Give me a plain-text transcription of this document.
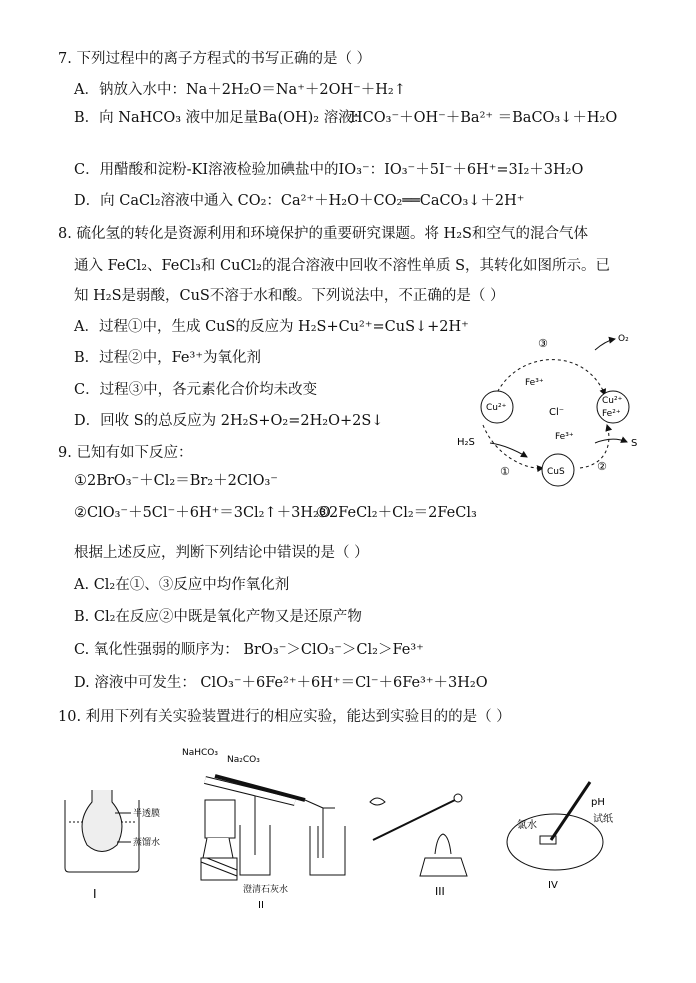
7. 下列过程中的离子方程式的书写正确的是（ ）
A．钠放入水中：Na＋2H₂O＝Na⁺＋2OH⁻＋H₂↑
B．向 NaHCO₃ 液中加足量Ba(OH)₂ 溶液：
HCO₃⁻＋OH⁻＋Ba²⁺ ＝BaCO₃↓＋H₂O
C．用醋酸和淀粉-KI溶液检验加碘盐中的IO₃⁻：IO₃⁻＋5I⁻＋6H⁺=3I₂＋3H₂O
D．向 CaCl₂溶液中通入 CO₂：Ca²⁺＋H₂O＋CO₂══CaCO₃↓＋2H⁺
8. 硫化氢的转化是资源利用和环境保护的重要研究课题。将 H₂S和空气的混合气体
通入 FeCl₂、FeCl₃和 CuCl₂的混合溶液中回收不溶性单质 S，其转化如图所示。已
知 H₂S是弱酸，CuS不溶于水和酸。下列说法中，不正确的是（ ）
A．过程①中，生成 CuS的反应为 H₂S+Cu²⁺=CuS↓+2H⁺
B．过程②中，Fe³⁺为氧化剂
C．过程③中，各元素化合价均未改变
D．回收 S的总反应为 2H₂S+O₂=2H₂O+2S↓
O₂
③
Fe³⁺
Cu²⁺	Cl⁻
Cu²⁺
Fe²⁺
H₂S	Fe³⁺
S
①	CuS	②
9. 已知有如下反应：
①2BrO₃⁻＋Cl₂＝Br₂＋2ClO₃⁻
②ClO₃⁻＋5Cl⁻＋6H⁺＝3Cl₂↑＋3H₂O
③2FeCl₂＋Cl₂＝2FeCl₃
根据上述反应，判断下列结论中错误的是（ ）
A. Cl₂在①、③反应中均作氧化剂
B. Cl₂在反应②中既是氧化产物又是还原产物
C. 氧化性强弱的顺序为： BrO₃⁻＞ClO₃⁻＞Cl₂＞Fe³⁺
D. 溶液中可发生： ClO₃⁻＋6Fe²⁺＋6H⁺＝Cl⁻＋6Fe³⁺＋3H₂O
10. 利用下列有关实验装置进行的相应实验，能达到实验目的的是（ ）
半透膜
蒸馏水
I
NaHCO₃
Na₂CO₃
澄清石灰水
II
III
氯水
pH
试纸
IV
